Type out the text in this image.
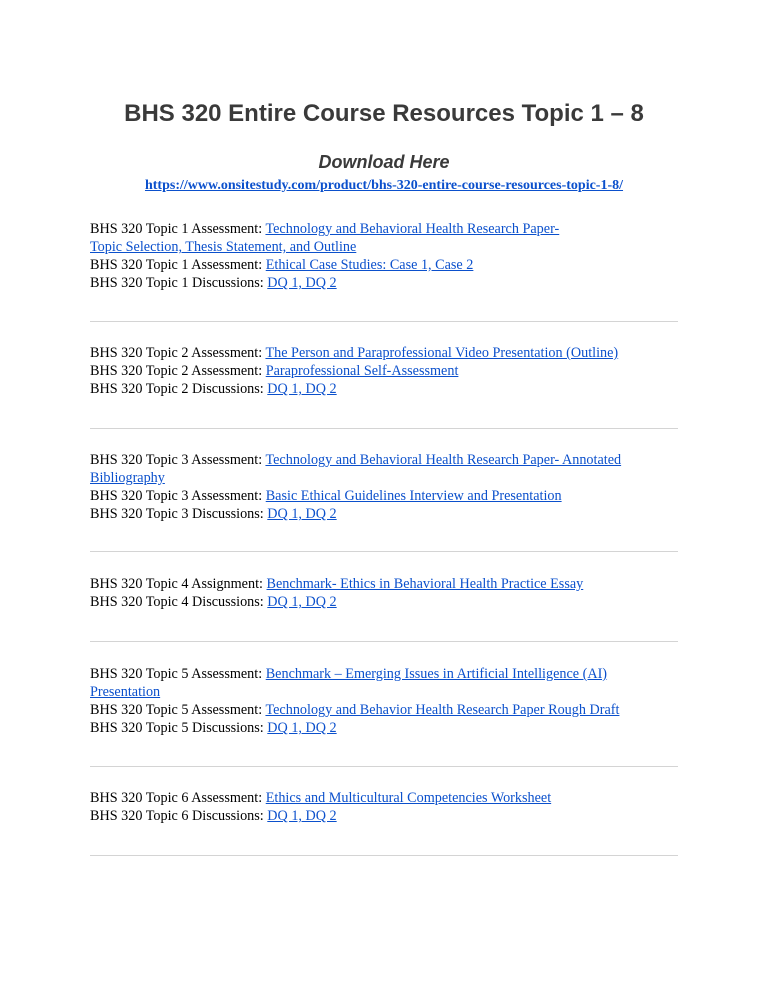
BHS 320 Entire Course Resources Topic 1 – 8
Download Here
https://www.onsitestudy.com/product/bhs-320-entire-course-resources-topic-1-8/

BHS 320 Topic 1 Assessment: Technology and Behavioral Health Research Paper-
Topic Selection, Thesis Statement, and Outline

BHS 320 Topic 1 Assessment: Ethical Case Studies: Case 1, Case 2

BHS 320 Topic 1 Discussions: DQ 1, DQ 2

BHS 320 Topic 2 Assessment: The Person and Paraprofessional Video Presentation (Outline)

BHS 320 Topic 2 Assessment: Paraprofessional Self-Assessment

BHS 320 Topic 2 Discussions: DQ 1, DQ 2

BHS 320 Topic 3 Assessment: Technology and Behavioral Health Research Paper- Annotated
Bibliography

BHS 320 Topic 3 Assessment: Basic Ethical Guidelines Interview and Presentation

BHS 320 Topic 3 Discussions: DQ 1, DQ 2

BHS 320 Topic 4 Assignment: Benchmark- Ethics in Behavioral Health Practice Essay

BHS 320 Topic 4 Discussions: DQ 1, DQ 2

BHS 320 Topic 5 Assessment: Benchmark – Emerging Issues in Artificial Intelligence (AI)
Presentation

BHS 320 Topic 5 Assessment: Technology and Behavior Health Research Paper Rough Draft

BHS 320 Topic 5 Discussions: DQ 1, DQ 2

BHS 320 Topic 6 Assessment: Ethics and Multicultural Competencies Worksheet

BHS 320 Topic 6 Discussions: DQ 1, DQ 2
